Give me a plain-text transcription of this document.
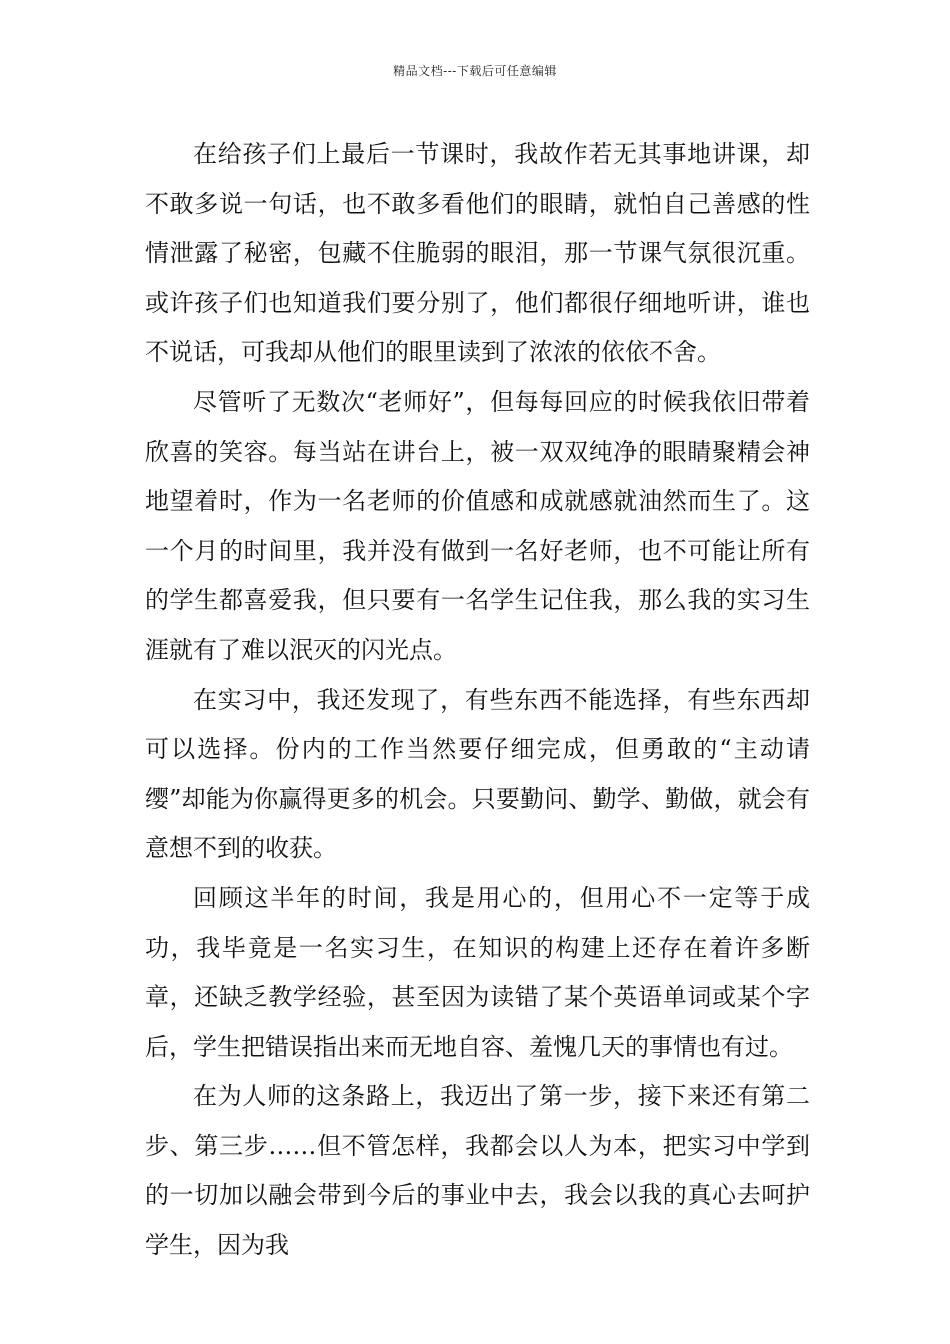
精品文档---下载后可任意编辑

在给孩子们上最后一节课时，我故作若无其事地讲课，却不敢多说一句话，也不敢多看他们的眼睛，就怕自己善感的性情泄露了秘密，包藏不住脆弱的眼泪，那一节课气氛很沉重。或许孩子们也知道我们要分别了，他们都很仔细地听讲，谁也不说话，可我却从他们的眼里读到了浓浓的依依不舍。

尽管听了无数次“老师好”，但每每回应的时候我依旧带着欣喜的笑容。每当站在讲台上，被一双双纯净的眼睛聚精会神地望着时，作为一名老师的价值感和成就感就油然而生了。这一个月的时间里，我并没有做到一名好老师，也不可能让所有的学生都喜爱我，但只要有一名学生记住我，那么我的实习生涯就有了难以泯灭的闪光点。

在实习中，我还发现了，有些东西不能选择，有些东西却可以选择。份内的工作当然要仔细完成，但勇敢的“主动请缨”却能为你赢得更多的机会。只要勤问、勤学、勤做，就会有意想不到的收获。

回顾这半年的时间，我是用心的，但用心不一定等于成功，我毕竟是一名实习生，在知识的构建上还存在着许多断章，还缺乏教学经验，甚至因为读错了某个英语单词或某个字后，学生把错误指出来而无地自容、羞愧几天的事情也有过。

在为人师的这条路上，我迈出了第一步，接下来还有第二步、第三步……但不管怎样，我都会以人为本，把实习中学到的一切加以融会带到今后的事业中去，我会以我的真心去呵护学生，因为我
